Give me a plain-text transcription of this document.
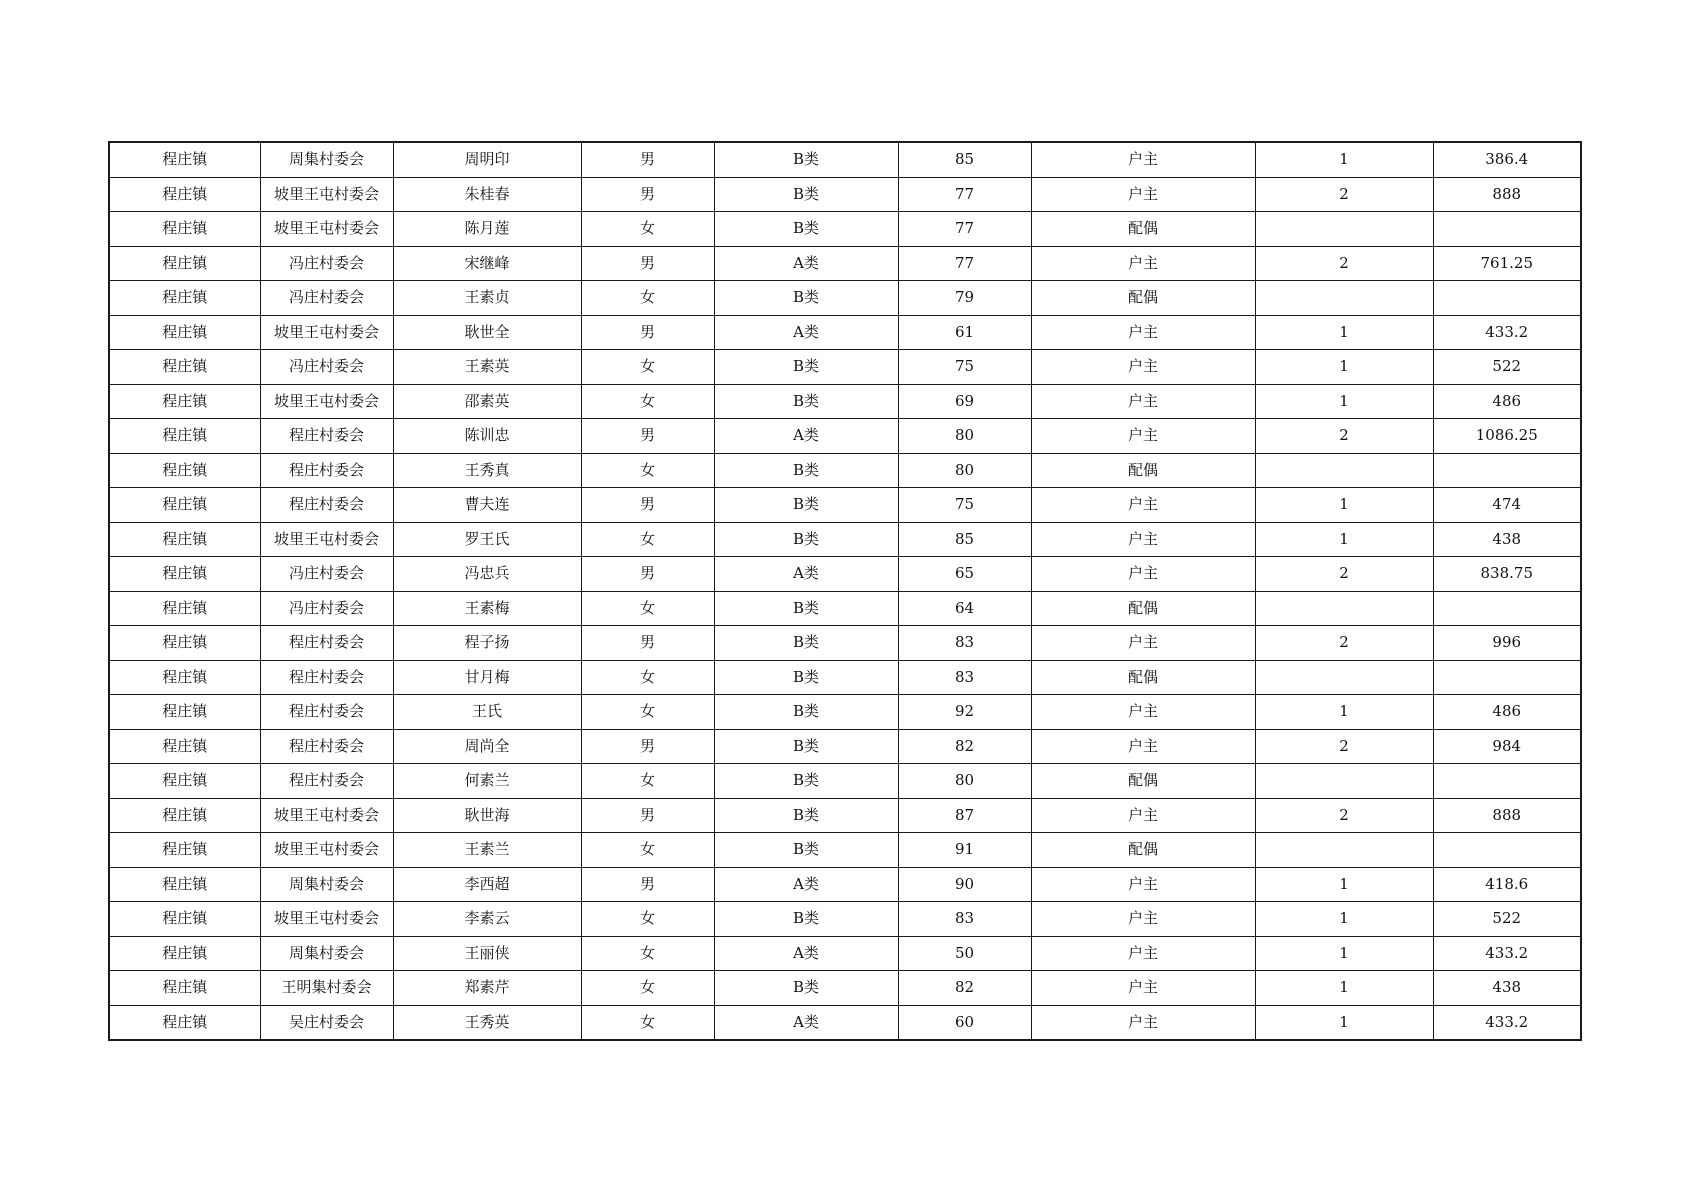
程庄镇	周集村委会	周明印	男	B类	85	户主	1	386.4
程庄镇	坡里王屯村委会	朱桂春	男	B类	77	户主	2	888
程庄镇	坡里王屯村委会	陈月莲	女	B类	77	配偶		
程庄镇	冯庄村委会	宋继峰	男	A类	77	户主	2	761.25
程庄镇	冯庄村委会	王素贞	女	B类	79	配偶		
程庄镇	坡里王屯村委会	耿世全	男	A类	61	户主	1	433.2
程庄镇	冯庄村委会	王素英	女	B类	75	户主	1	522
程庄镇	坡里王屯村委会	邵素英	女	B类	69	户主	1	486
程庄镇	程庄村委会	陈训忠	男	A类	80	户主	2	1086.25
程庄镇	程庄村委会	王秀真	女	B类	80	配偶		
程庄镇	程庄村委会	曹夫连	男	B类	75	户主	1	474
程庄镇	坡里王屯村委会	罗王氏	女	B类	85	户主	1	438
程庄镇	冯庄村委会	冯忠兵	男	A类	65	户主	2	838.75
程庄镇	冯庄村委会	王素梅	女	B类	64	配偶		
程庄镇	程庄村委会	程子扬	男	B类	83	户主	2	996
程庄镇	程庄村委会	甘月梅	女	B类	83	配偶		
程庄镇	程庄村委会	王氏	女	B类	92	户主	1	486
程庄镇	程庄村委会	周尚全	男	B类	82	户主	2	984
程庄镇	程庄村委会	何素兰	女	B类	80	配偶		
程庄镇	坡里王屯村委会	耿世海	男	B类	87	户主	2	888
程庄镇	坡里王屯村委会	王素兰	女	B类	91	配偶		
程庄镇	周集村委会	李西超	男	A类	90	户主	1	418.6
程庄镇	坡里王屯村委会	李素云	女	B类	83	户主	1	522
程庄镇	周集村委会	王丽侠	女	A类	50	户主	1	433.2
程庄镇	王明集村委会	郑素芹	女	B类	82	户主	1	438
程庄镇	吴庄村委会	王秀英	女	A类	60	户主	1	433.2
